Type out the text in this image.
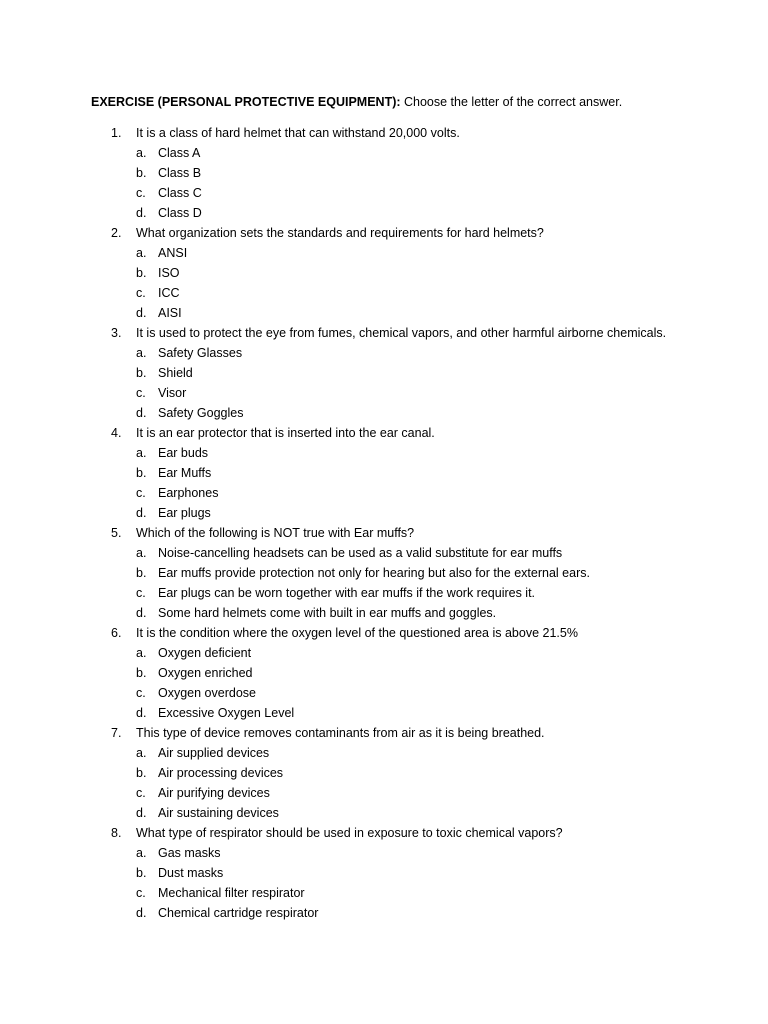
EXERCISE (PERSONAL PROTECTIVE EQUIPMENT): Choose the letter of the correct answer.
1. It is a class of hard helmet that can withstand 20,000 volts.
a. Class A
b. Class B
c. Class C
d. Class D
2. What organization sets the standards and requirements for hard helmets?
a. ANSI
b. ISO
c. ICC
d. AISI
3. It is used to protect the eye from fumes, chemical vapors, and other harmful airborne chemicals.
a. Safety Glasses
b. Shield
c. Visor
d. Safety Goggles
4. It is an ear protector that is inserted into the ear canal.
a. Ear buds
b. Ear Muffs
c. Earphones
d. Ear plugs
5. Which of the following is NOT true with Ear muffs?
a. Noise-cancelling headsets can be used as a valid substitute for ear muffs
b. Ear muffs provide protection not only for hearing but also for the external ears.
c. Ear plugs can be worn together with ear muffs if the work requires it.
d. Some hard helmets come with built in ear muffs and goggles.
6. It is the condition where the oxygen level of the questioned area is above 21.5%
a. Oxygen deficient
b. Oxygen enriched
c. Oxygen overdose
d. Excessive Oxygen Level
7. This type of device removes contaminants from air as it is being breathed.
a. Air supplied devices
b. Air processing devices
c. Air purifying devices
d. Air sustaining devices
8. What type of respirator should be used in exposure to toxic chemical vapors?
a. Gas masks
b. Dust masks
c. Mechanical filter respirator
d. Chemical cartridge respirator
